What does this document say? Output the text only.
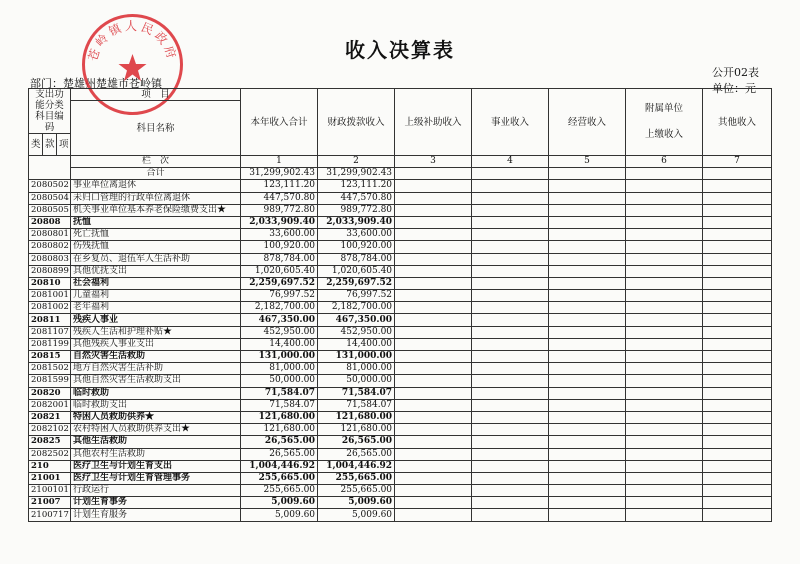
收入决算表
公开02表
部门：楚雄州楚雄市苍岭镇	单位：元
苍岭镇人民政府
支出功能分类科目编码			项　目	本年收入合计	财政拨款收入	上级补助收入	事业收入	经营收入	附属单位
上缴收入	其他收入
			科目名称							

类	款	项								
			栏　次	1	2	3	4	5	6	7
			合计	31,299,902.43	31,299,902.43					
2080502			事业单位离退休	123,111.20	123,111.20					
2080504			未归口管理的行政单位离退休	447,570.80	447,570.80					
2080505			机关事业单位基本养老保险缴费支出★	989,772.80	989,772.80					
20808			抚恤	2,033,909.40	2,033,909.40					
2080801			死亡抚恤	33,600.00	33,600.00					
2080802			伤残抚恤	100,920.00	100,920.00					
2080803			在乡复员、退伍军人生活补助	878,784.00	878,784.00					
2080899			其他优抚支出	1,020,605.40	1,020,605.40					
20810			社会福利	2,259,697.52	2,259,697.52					
2081001			儿童福利	76,997.52	76,997.52					
2081002			老年福利	2,182,700.00	2,182,700.00					
20811			残疾人事业	467,350.00	467,350.00					
2081107			残疾人生活和护理补贴★	452,950.00	452,950.00					
2081199			其他残疾人事业支出	14,400.00	14,400.00					
20815			自然灾害生活救助	131,000.00	131,000.00					
2081502			地方自然灾害生活补助	81,000.00	81,000.00					
2081599			其他自然灾害生活救助支出	50,000.00	50,000.00					
20820			临时救助	71,584.07	71,584.07					
2082001			临时救助支出	71,584.07	71,584.07					
20821			特困人员救助供养★	121,680.00	121,680.00					
2082102			农村特困人员救助供养支出★	121,680.00	121,680.00					
20825			其他生活救助	26,565.00	26,565.00					
2082502			其他农村生活救助	26,565.00	26,565.00					
210			医疗卫生与计划生育支出	1,004,446.92	1,004,446.92					
21001			医疗卫生与计划生育管理事务	255,665.00	255,665.00					
2100101			行政运行	255,665.00	255,665.00					
21007			计划生育事务	5,009.60	5,009.60					
2100717			计划生育服务	5,009.60	5,009.60					
